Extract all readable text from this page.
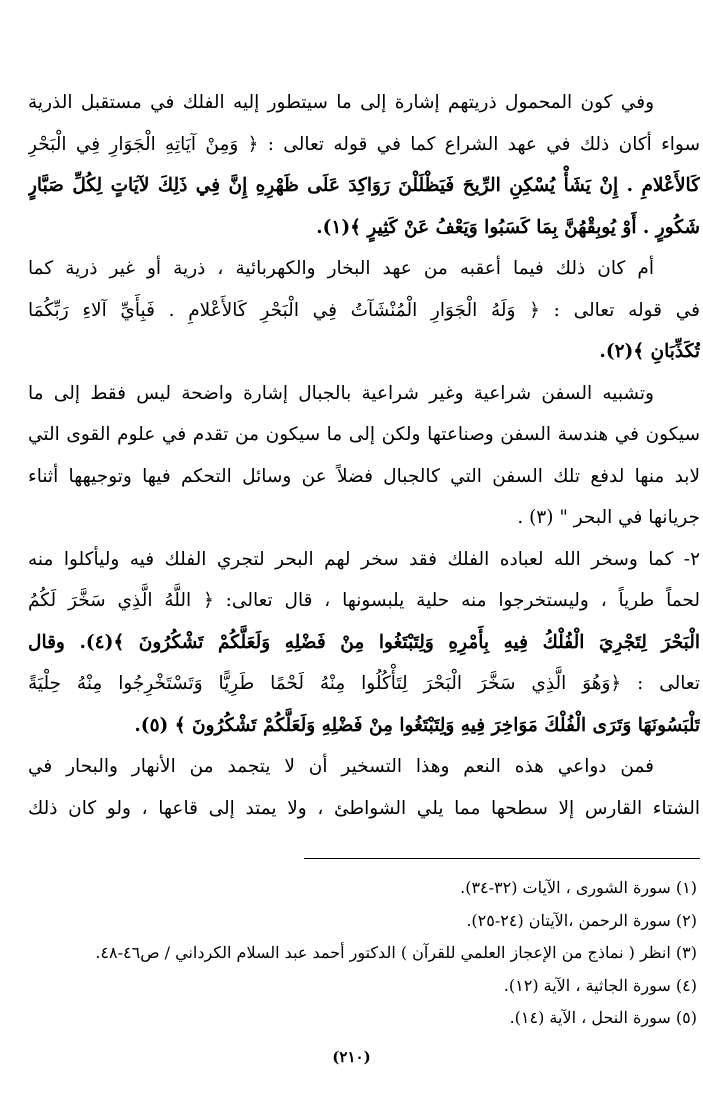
وفي كون المحمول ذريتهم إشارة إلى ما سيتطور إليه الفلك في مستقبل الذرية
سواء أكان ذلك في عهد الشراع كما في قوله تعالى : ﴿ وَمِنْ آيَاتِهِ الْجَوَارِ فِي الْبَحْرِ
كَالأَعْلامِ . إِنْ يَشَأْ يُسْكِنِ الرِّيحَ فَيَظْلَلْنَ رَوَاكِدَ عَلَى ظَهْرِهِ إِنَّ فِي ذَلِكَ لآيَاتٍ لِكُلِّ صَبَّارٍ
شَكُورٍ . أَوْ يُوبِقْهُنَّ بِمَا كَسَبُوا وَيَعْفُ عَنْ كَثِيرٍ ﴾(١).
أم كان ذلك فيما أعقبه من عهد البخار والكهربائية ، ذرية أو غير ذرية كما
في قوله تعالى : ﴿ وَلَهُ الْجَوَارِ الْمُنْشَآتُ فِي الْبَحْرِ كَالأَعْلامِ . فَبِأَيِّ آلاءِ رَبِّكُمَا
تُكَذِّبَانِ ﴾(٢).
وتشبيه السفن شراعية وغير شراعية بالجبال إشارة واضحة ليس فقط إلى ما
سيكون في هندسة السفن وصناعتها ولكن إلى ما سيكون من تقدم في علوم القوى التي
لابد منها لدفع تلك السفن التي كالجبال فضلاً عن وسائل التحكم فيها وتوجيهها أثناء
جريانها في البحر " (٣) .
٢- كما وسخر الله لعباده الفلك فقد سخر لهم البحر لتجري الفلك فيه وليأكلوا منه
لحماً طرياً ، وليستخرجوا منه حلية يلبسونها ، قال تعالى: ﴿ اللَّهُ الَّذِي سَخَّرَ لَكُمُ
الْبَحْرَ لِتَجْرِيَ الْفُلْكُ فِيهِ بِأَمْرِهِ وَلِتَبْتَغُوا مِنْ فَضْلِهِ وَلَعَلَّكُمْ تَشْكُرُونَ ﴾(٤). وقال
تعالى : ﴿وَهُوَ الَّذِي سَخَّرَ الْبَحْرَ لِتَأْكُلُوا مِنْهُ لَحْمًا طَرِيًّا وَتَسْتَخْرِجُوا مِنْهُ حِلْيَةً
تَلْبَسُونَهَا وَتَرَى الْفُلْكَ مَوَاخِرَ فِيهِ وَلِتَبْتَغُوا مِنْ فَضْلِهِ وَلَعَلَّكُمْ تَشْكُرُونَ ﴾ (٥).
فمن دواعي هذه النعم وهذا التسخير أن لا يتجمد من الأنهار والبحار في
الشتاء القارس إلا سطحها مما يلي الشواطئ ، ولا يمتد إلى قاعها ، ولو كان ذلك
(١) سورة الشورى ، الآيات (٣٢-٣٤).
(٢) سورة الرحمن ،الآيتان (٢٤-٢٥).
(٣) انظر ( نماذج من الإعجاز العلمي للقرآن ) الدكتور أحمد عبد السلام الكرداني / ص٤٦-٤٨.
(٤) سورة الجاثية ، الآية (١٢).
(٥) سورة النحل ، الآية (١٤).
(٢١٠)
